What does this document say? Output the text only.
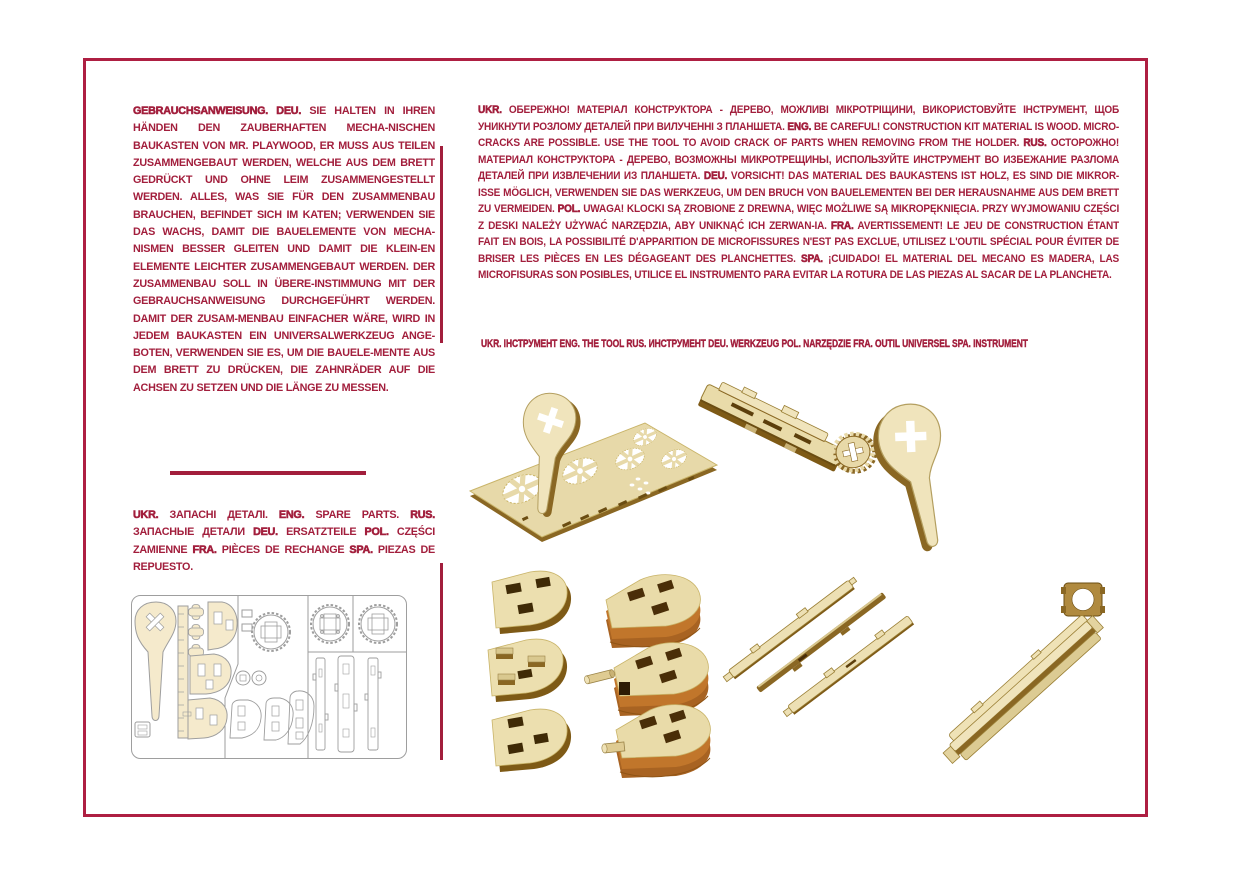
GEBRAUCHSANWEISUNG. DEU. SIE HALTEN IN IHREN HÄNDEN DEN ZAUBERHAFTEN MECHA-NISCHEN BAUKASTEN VON MR. PLAYWOOD, ER MUSS AUS TEILEN ZUSAMMENGEBAUT WERDEN, WELCHE AUS DEM BRETT GEDRÜCKT UND OHNE LEIM ZUSAMMENGESTELLT WERDEN. ALLES, WAS SIE FÜR DEN ZUSAMMENBAU BRAUCHEN, BEFINDET SICH IM KATEN; VERWENDEN SIE DAS WACHS, DAMIT DIE BAUELEMENTE VON MECHA-NISMEN BESSER GLEITEN UND DAMIT DIE KLEIN-EN ELEMENTE LEICHTER ZUSAMMENGEBAUT WERDEN. DER ZUSAMMENBAU SOLL IN ÜBERE-INSTIMMUNG MIT DER GEBRAUCHSANWEISUNG DURCHGEFÜHRT WERDEN. DAMIT DER ZUSAM-MENBAU EINFACHER WÄRE, WIRD IN JEDEM BAUKASTEN EIN UNIVERSALWERKZEUG ANGE-BOTEN, VERWENDEN SIE ES, UM DIE BAUELE-MENTE AUS DEM BRETT ZU DRÜCKEN, DIE ZAHNRÄDER AUF DIE ACHSEN ZU SETZEN UND DIE LÄNGE ZU MESSEN.

UKR. ЗАПАСНІ ДЕТАЛІ. ENG. SPARE PARTS. RUS. ЗАПАСНЫЕ ДЕТАЛИ DEU. ERSATZTEILE POL. CZĘŚCI ZAMIENNE FRA. PIÈCES DE RECHANGE SPA. PIEZAS DE REPUESTO.

UKR. ОБЕРЕЖНО! МАТЕРІАЛ КОНСТРУКТОРА - ДЕРЕВО, МОЖЛИВІ МІКРОТРІЩИНИ, ВИКОРИСТОВУЙТЕ ІНСТРУМЕНТ, ЩОБ УНИКНУТИ РОЗЛОМУ ДЕТАЛЕЙ ПРИ ВИЛУЧЕННІ З ПЛАНШЕТА. ENG. BE CAREFUL! CONSTRUCTION KIT MATERIAL IS WOOD. MICRO-CRACKS ARE POSSIBLE. USE THE TOOL TO AVOID CRACK OF PARTS WHEN REMOVING FROM THE HOLDER. RUS. ОСТОРОЖНО! МАТЕРИАЛ КОНСТРУКТОРА - ДЕРЕВО, ВОЗМОЖНЫ МИКРОТРЕЩИНЫ, ИСПОЛЬЗУЙТЕ ИНСТРУМЕНТ ВО ИЗБЕЖАНИЕ РАЗЛОМА ДЕТАЛЕЙ ПРИ ИЗВЛЕЧЕНИИ ИЗ ПЛАНШЕТА. DEU. VORSICHT! DAS MATERIAL DES BAUKASTENS IST HOLZ, ES SIND DIE MIKROR-ISSE MÖGLICH, VERWENDEN SIE DAS WERKZEUG, UM DEN BRUCH VON BAUELEMENTEN BEI DER HERAUSNAHME AUS DEM BRETT ZU VERMEIDEN. POL. UWAGA! KLOCKI SĄ ZROBIONE Z DREWNA, WIĘC MOŻLIWE SĄ MIKROPĘKNIĘCIA. PRZY WYJMOWANIU CZĘŚCI Z DESKI NALEŻY UŻYWAĆ NARZĘDZIA, ABY UNIKNĄĆ ICH ZERWAN-IA. FRA. AVERTISSEMENT! LE JEU DE CONSTRUCTION ÉTANT FAIT EN BOIS, LA POSSIBILITÉ D'APPARITION DE MICROFISSURES N'EST PAS EXCLUE, UTILISEZ L'OUTIL SPÉCIAL POUR ÉVITER DE BRISER LES PIÈCES EN LES DÉGAGEANT DES PLANCHETTES. SPA. ¡CUIDADO! EL MATERIAL DEL MECANO ES MADERA, LAS MICROFISURAS SON POSIBLES, UTILICE EL INSTRUMENTO PARA EVITAR LA ROTURA DE LAS PIEZAS AL SACAR DE LA PLANCHETA.

UKR. ІНСТРУМЕНТ ENG. THE TOOL RUS. ИНСТРУМЕНТ DEU. WERKZEUG POL. NARZĘDZIE FRA. OUTIL UNIVERSEL SPA. INSTRUMENT
